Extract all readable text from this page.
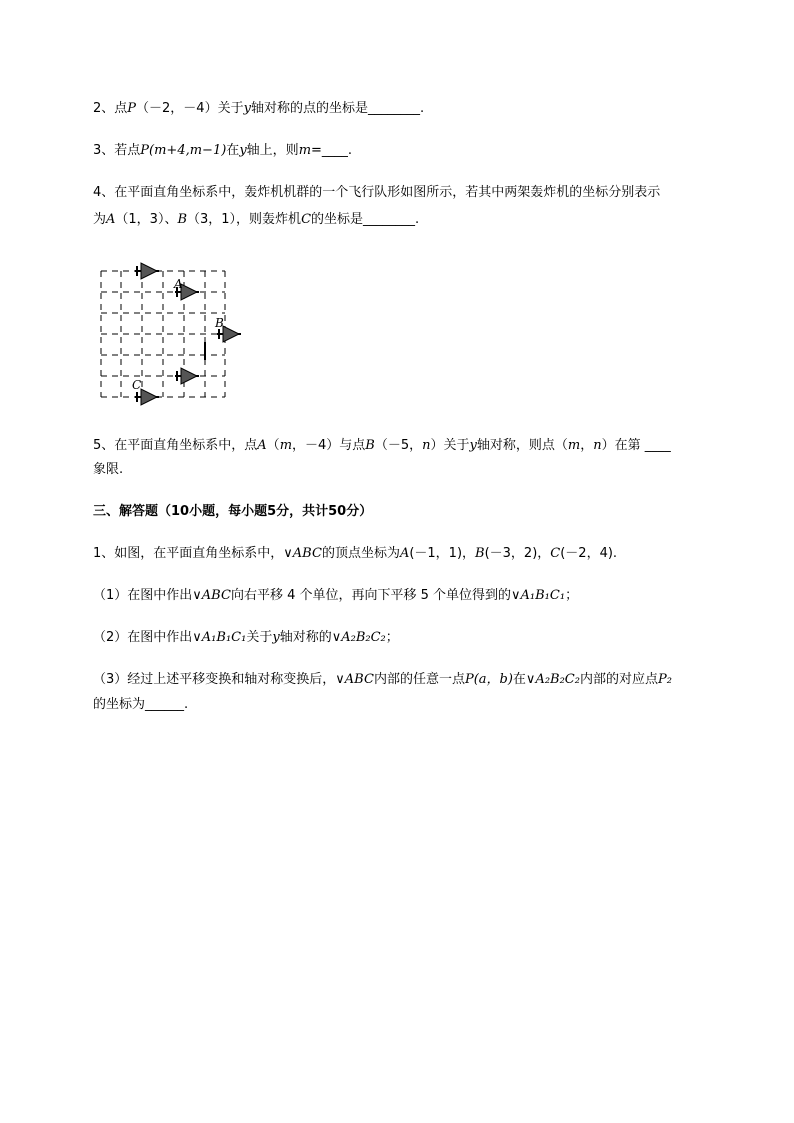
2、点P（－2，－4）关于y轴对称的点的坐标是________.
3、若点P(m+4,m−1)在y轴上，则m=____.
4、在平面直角坐标系中，轰炸机机群的一个飞行队形如图所示，若其中两架轰炸机的坐标分别表示
为A（1，3）、B（3，1），则轰炸机C的坐标是________.
A
B
C
5、在平面直角坐标系中，点A（m，－4）与点B（－5，n）关于y轴对称，则点（m，n）在第 ____
象限.
三、解答题（10小题，每小题5分，共计50分）
1、如图，在平面直角坐标系中，∨ABC的顶点坐标为A(－1，1)，B(－3，2)，C(－2，4).
（1）在图中作出∨ABC向右平移 4 个单位，再向下平移 5 个单位得到的∨A₁B₁C₁；
（2）在图中作出∨A₁B₁C₁关于y轴对称的∨A₂B₂C₂；
（3）经过上述平移变换和轴对称变换后，∨ABC内部的任意一点P(a，b)在∨A₂B₂C₂内部的对应点P₂
的坐标为______.
